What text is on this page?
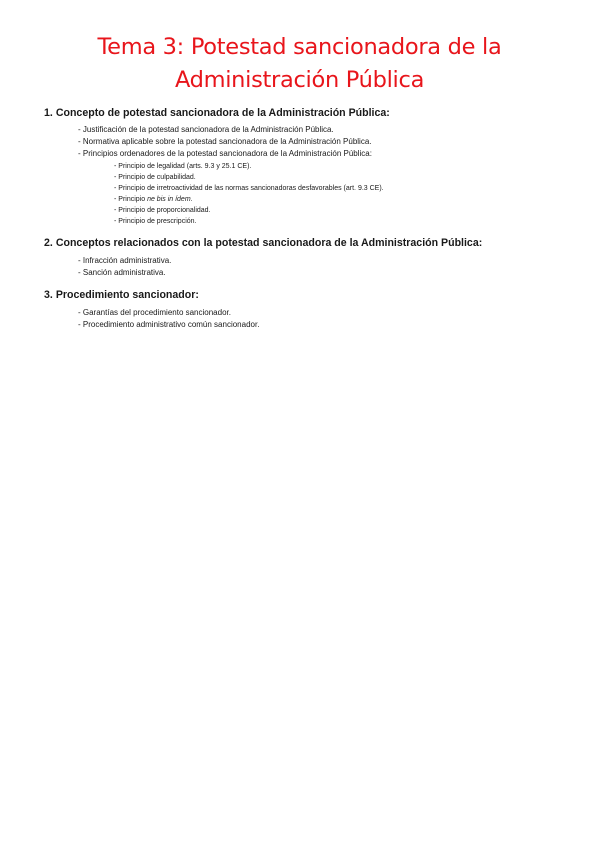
Tema 3: Potestad sancionadora de la
Administración Pública
1. Concepto de potestad sancionadora de la Administración Pública:
- Justificación de la potestad sancionadora de la Administración Pública.
- Normativa aplicable sobre la potestad sancionadora de la Administración Pública.
- Principios ordenadores de la potestad sancionadora de la Administración Pública:
- Principio de legalidad (arts. 9.3 y 25.1 CE).
- Principio de culpabilidad.
- Principio de irretroactividad de las normas sancionadoras desfavorables (art. 9.3 CE).
- Principio ne bis in ídem.
- Principio de proporcionalidad.
- Principio de prescripción.
2. Conceptos relacionados con la potestad sancionadora de la Administración Pública:
- Infracción administrativa.
- Sanción administrativa.
3. Procedimiento sancionador:
- Garantías del procedimiento sancionador.
- Procedimiento administrativo común sancionador.
